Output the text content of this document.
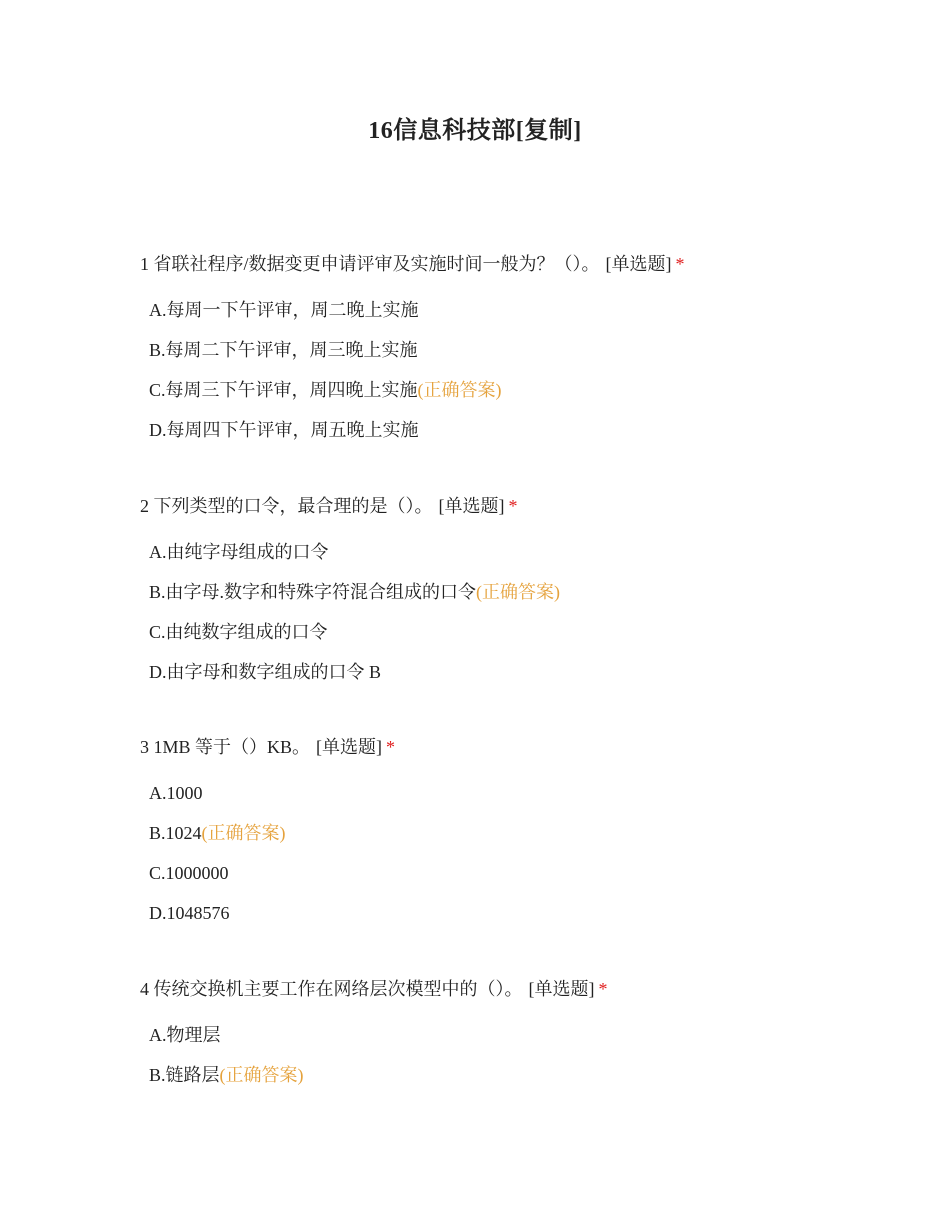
16信息科技部[复制]
1 省联社程序/数据变更申请评审及实施时间一般为？（）。 [单选题] *
A.每周一下午评审，周二晚上实施
B.每周二下午评审，周三晚上实施
C.每周三下午评审，周四晚上实施(正确答案)
D.每周四下午评审，周五晚上实施
2 下列类型的口令，最合理的是（）。 [单选题] *
A.由纯字母组成的口令
B.由字母.数字和特殊字符混合组成的口令(正确答案)
C.由纯数字组成的口令
D.由字母和数字组成的口令 B
3 1MB 等于（）KB。 [单选题] *
A.1000
B.1024(正确答案)
C.1000000
D.1048576
4 传统交换机主要工作在网络层次模型中的（）。 [单选题] *
A.物理层
B.链路层(正确答案)
